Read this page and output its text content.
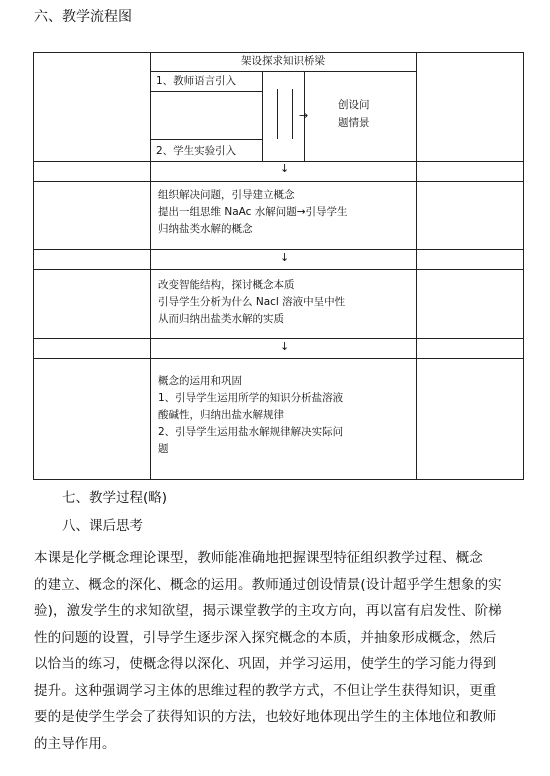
六、教学流程图
架设探求知识桥梁
1、教师语言引入
2、学生实验引入
→
创设问
题情景
↓
组织解决问题，引导建立概念
提出一组思维 NaAc 水解问题→引导学生
归纳盐类水解的概念
↓
改变智能结构，探讨概念本质
引导学生分析为什么 Nacl 溶液中呈中性
从而归纳出盐类水解的实质
↓
概念的运用和巩固
1、引导学生运用所学的知识分析盐溶液
酸碱性，归纳出盐水解规律
2、引导学生运用盐水解规律解决实际问
题
七、教学过程(略)
八、课后思考
本课是化学概念理论课型，教师能准确地把握课型特征组织教学过程、概念
的建立、概念的深化、概念的运用。教师通过创设情景(设计超乎学生想象的实
验)，激发学生的求知欲望，揭示课堂教学的主攻方向，再以富有启发性、阶梯
性的问题的设置，引导学生逐步深入探究概念的本质，并抽象形成概念，然后
以恰当的练习，使概念得以深化、巩固，并学习运用，使学生的学习能力得到
提升。这种强调学习主体的思维过程的教学方式，不但让学生获得知识，更重
要的是使学生学会了获得知识的方法，也较好地体现出学生的主体地位和教师
的主导作用。
